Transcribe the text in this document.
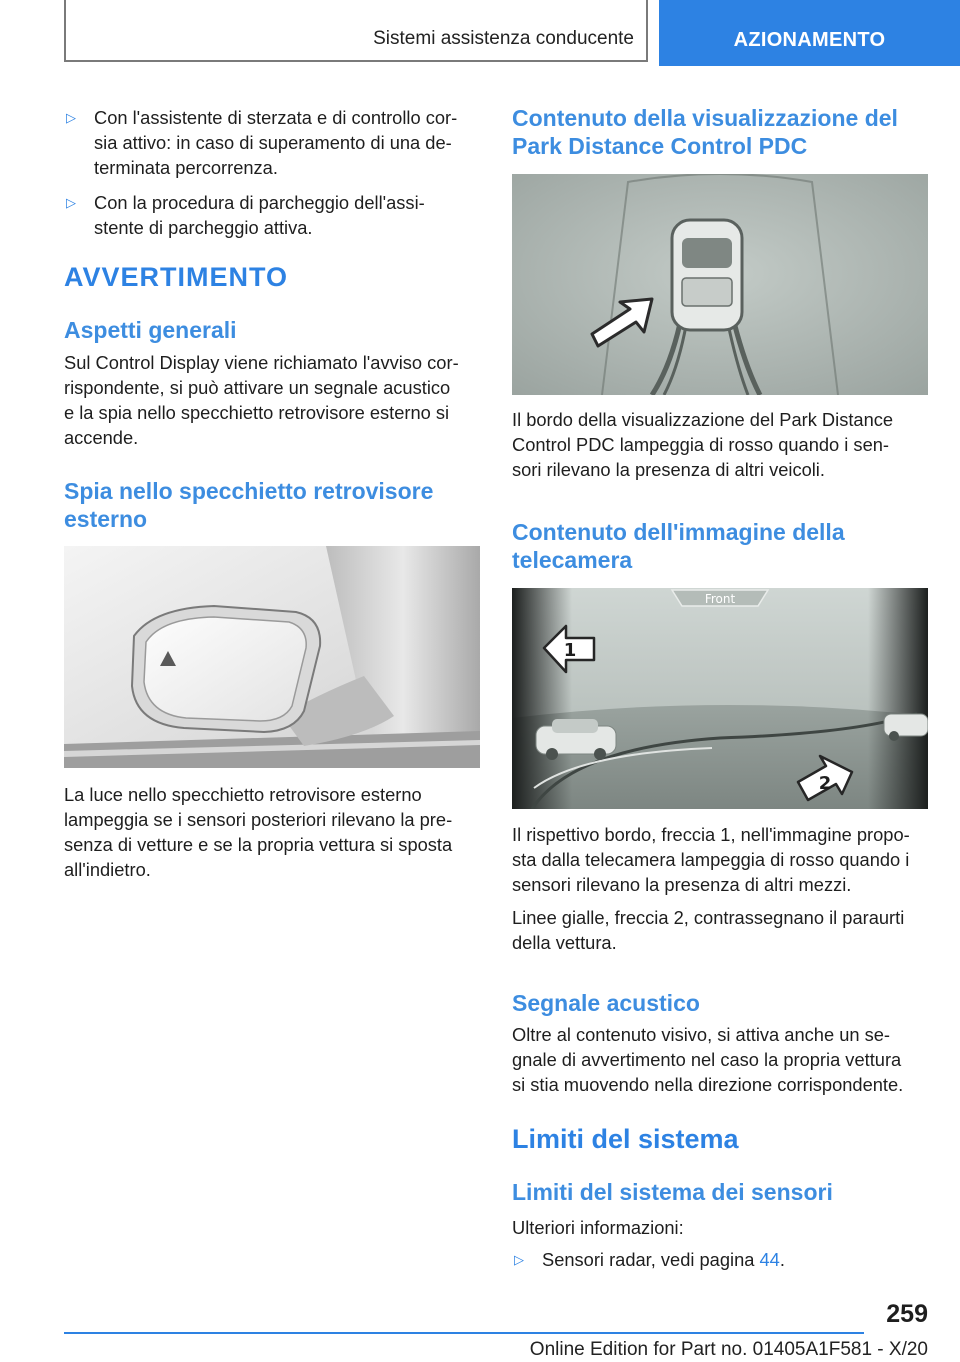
Sistemi assistenza conducente	AZIONAMENTO
▷ Con l'assistente di sterzata e di controllo cor-
sia attivo: in caso di superamento di una de-
terminata percorrenza.
▷ Con la procedura di parcheggio dell'assi-
stente di parcheggio attiva.
AVVERTIMENTO
Aspetti generali
Sul Control Display viene richiamato l'avviso cor-
rispondente, si può attivare un segnale acustico
e la spia nello specchietto retrovisore esterno si
accende.
Spia nello specchietto retrovisore
esterno
La luce nello specchietto retrovisore esterno
lampeggia se i sensori posteriori rilevano la pre-
senza di vetture e se la propria vettura si sposta
all'indietro.
Contenuto della visualizzazione del
Park Distance Control PDC
Il bordo della visualizzazione del Park Distance
Control PDC lampeggia di rosso quando i sen-
sori rilevano la presenza di altri veicoli.
Contenuto dell'immagine della
telecamera
Front
1
2
Il rispettivo bordo, freccia 1, nell'immagine propo-
sta dalla telecamera lampeggia di rosso quando i
sensori rilevano la presenza di altri mezzi.
Linee gialle, freccia 2, contrassegnano il paraurti
della vettura.
Segnale acustico
Oltre al contenuto visivo, si attiva anche un se-
gnale di avvertimento nel caso la propria vettura
si stia muovendo nella direzione corrispondente.
Limiti del sistema
Limiti del sistema dei sensori
Ulteriori informazioni:
▷ Sensori radar, vedi pagina 44.
259
Online Edition for Part no. 01405A1F581 - X/20
